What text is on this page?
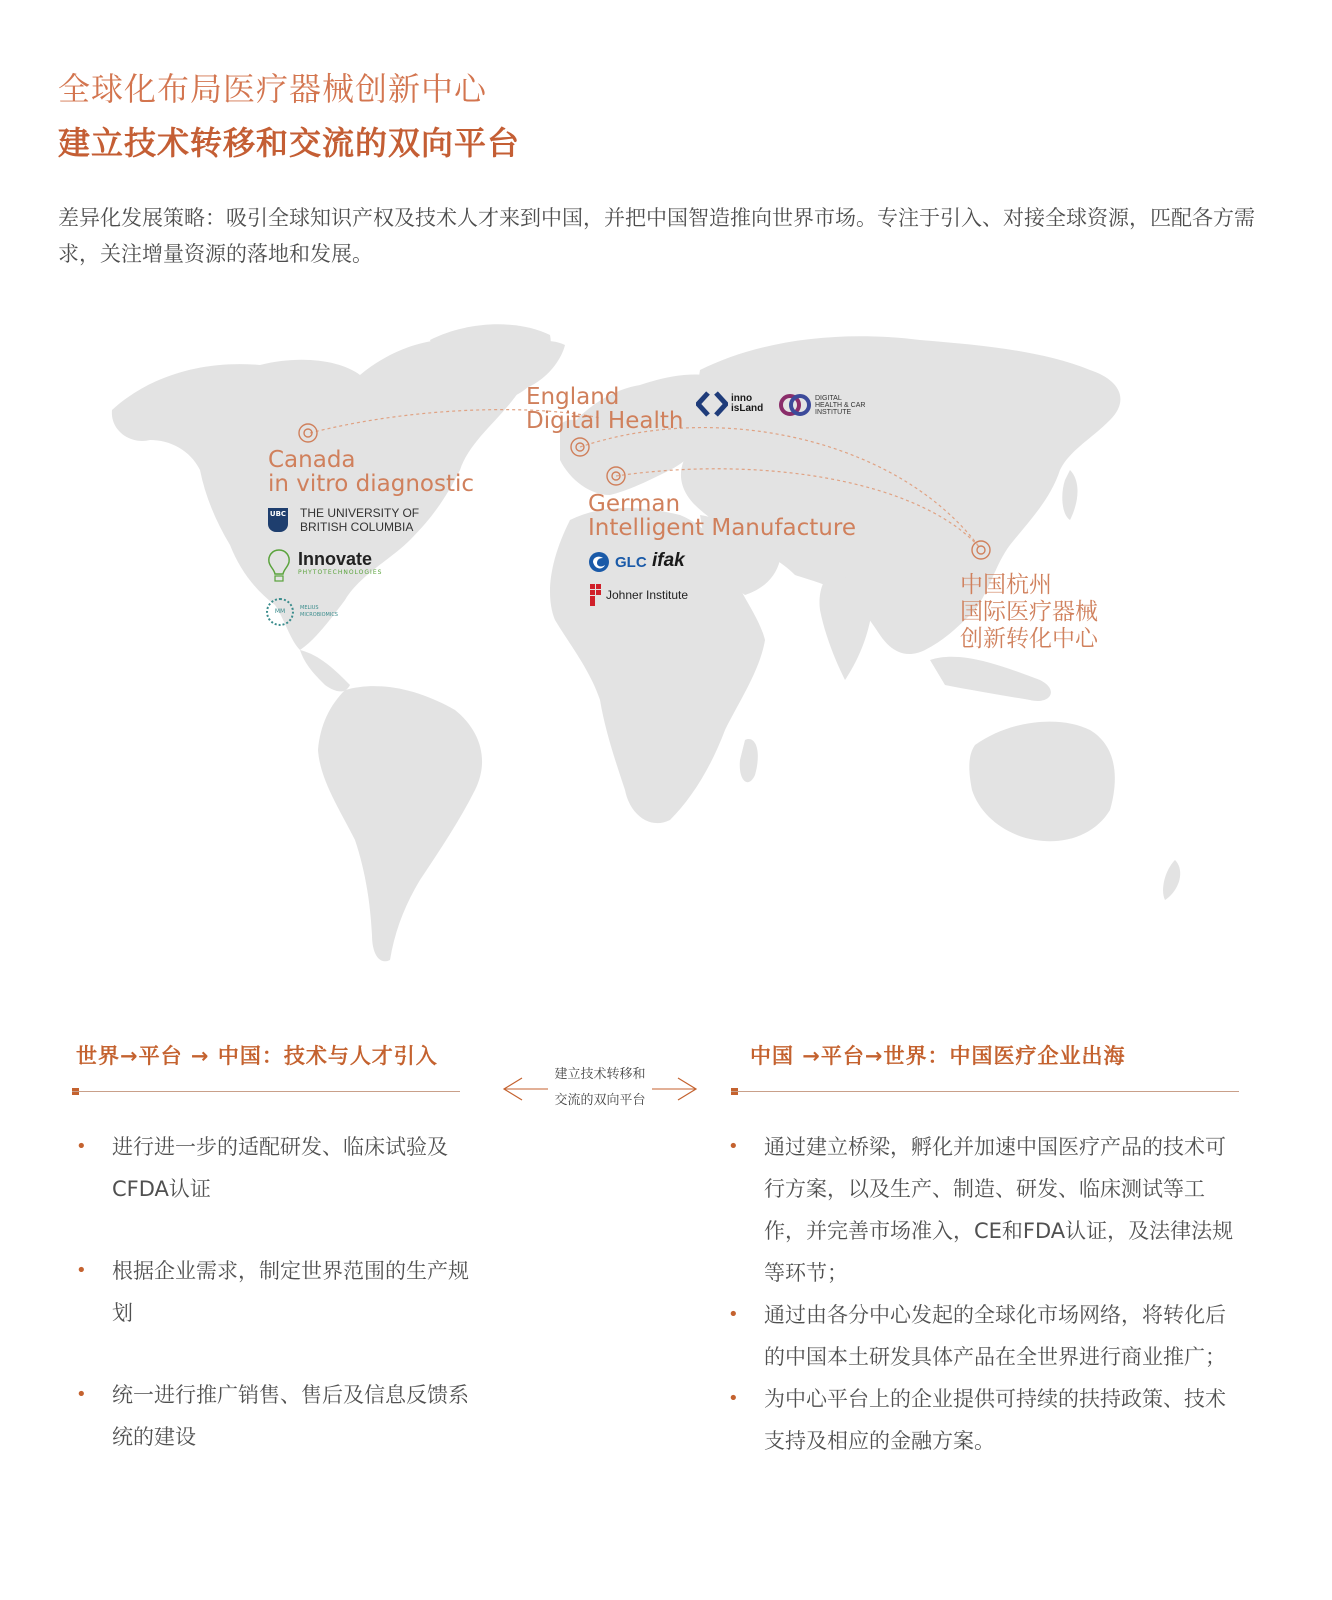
全球化布局医疗器械创新中心
建立技术转移和交流的双向平台
差异化发展策略：吸引全球知识产权及技术人才来到中国，并把中国智造推向世界市场。专注于引入、对接全球资源，匹配各方需求，关注增量资源的落地和发展。
Canada
in vitro diagnostic
England
Digital Health
German
Intelligent Manufacture
中国杭州
国际医疗器械
创新转化中心
UBC THE UNIVERSITY OF
BRITISH COLUMBIA
Innovate
PHYTOTECHNOLOGIES
MM	MELIUS
MICROBIOMICS
inno
isLand
DIGITAL
HEALTH & CAR
INSTITUTE
GLC ifak
Johner Institute
世界→平台 → 中国：技术与人才引入
• 进行进一步的适配研发、临床试验及CFDA认证
• 根据企业需求，制定世界范围的生产规划
• 统一进行推广销售、售后及信息反馈系统的建设
建立技术转移和
交流的双向平台
中国 →平台→世界：中国医疗企业出海
• 通过建立桥梁，孵化并加速中国医疗产品的技术可行方案，以及生产、制造、研发、临床测试等工作，并完善市场准入，CE和FDA认证，及法律法规等环节；
• 通过由各分中心发起的全球化市场网络，将转化后的中国本土研发具体产品在全世界进行商业推广；
• 为中心平台上的企业提供可持续的扶持政策、技术支持及相应的金融方案。
